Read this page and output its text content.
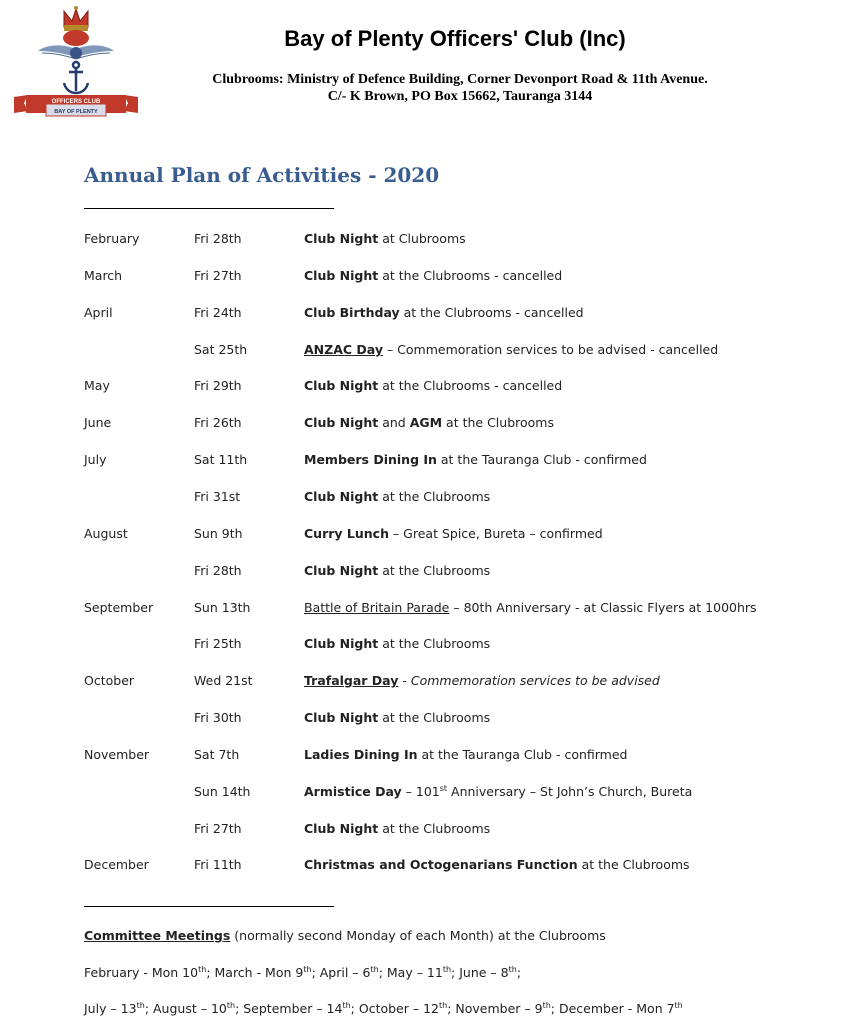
OFFICERS CLUB
BAY OF PLENTY
Bay of Plenty Officers' Club (Inc)
Clubrooms: Ministry of Defence Building, Corner Devonport Road & 11th Avenue.
C/- K Brown, PO Box 15662, Tauranga 3144
Annual Plan of Activities - 2020
February	Fri 28th	Club Night at Clubrooms
March	Fri 27th	Club Night at the Clubrooms - cancelled
April	Fri 24th	Club Birthday at the Clubrooms - cancelled
Sat 25th	ANZAC Day – Commemoration services to be advised - cancelled
May	Fri 29th	Club Night at the Clubrooms - cancelled
June	Fri 26th	Club Night and AGM at the Clubrooms
July	Sat 11th	Members Dining In at the Tauranga Club - confirmed
Fri 31st	Club Night at the Clubrooms
August	Sun 9th	Curry Lunch – Great Spice, Bureta – confirmed
Fri 28th	Club Night at the Clubrooms
September	Sun 13th	Battle of Britain Parade – 80th Anniversary - at Classic Flyers at 1000hrs
Fri 25th	Club Night at the Clubrooms
October	Wed 21st	Trafalgar Day - Commemoration services to be advised
Fri 30th	Club Night at the Clubrooms
November	Sat 7th	Ladies Dining In at the Tauranga Club - confirmed
Sun 14th	Armistice Day – 101st Anniversary – St John’s Church, Bureta
Fri 27th	Club Night at the Clubrooms
December	Fri 11th	Christmas and Octogenarians Function at the Clubrooms
Committee Meetings (normally second Monday of each Month) at the Clubrooms
February - Mon 10th; March - Mon 9th; April – 6th; May – 11th; June – 8th;
July – 13th; August – 10th; September – 14th; October – 12th; November – 9th; December - Mon 7th
